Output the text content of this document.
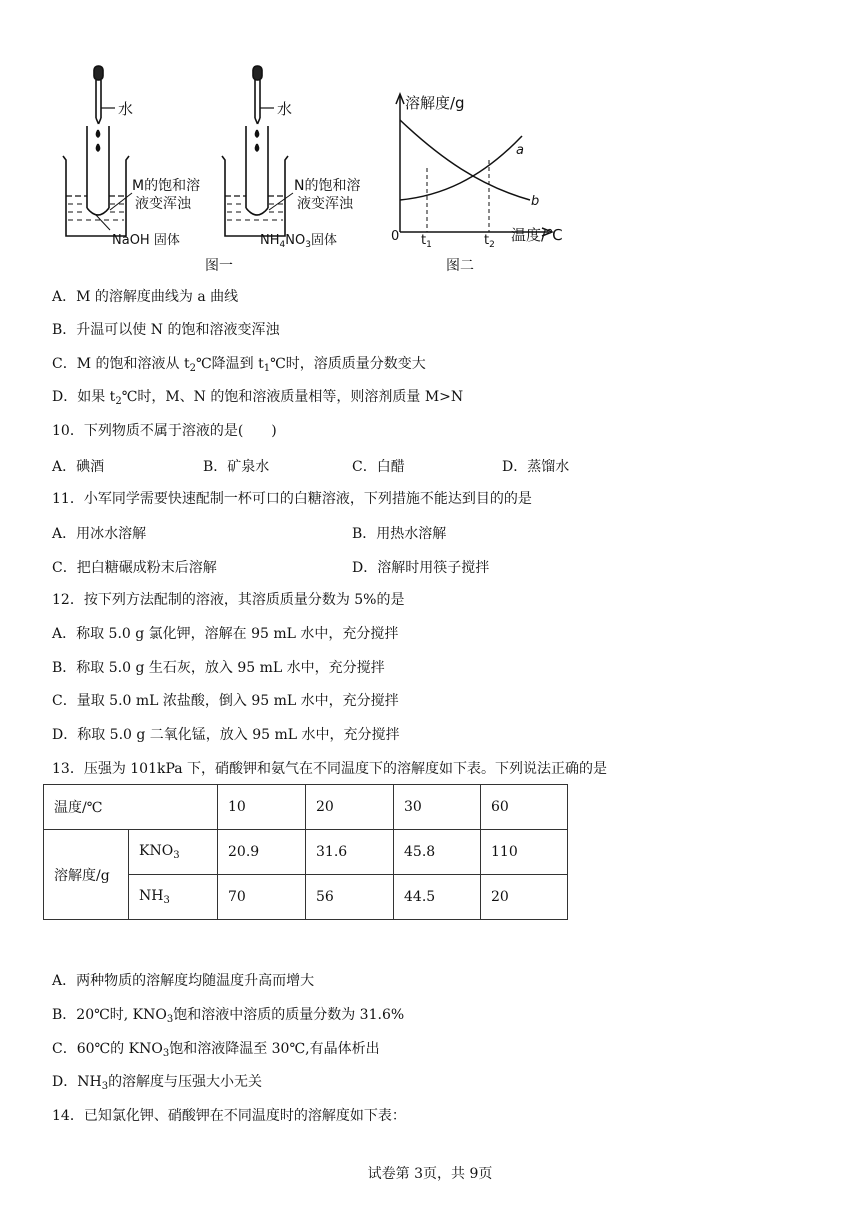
水
M的饱和溶
液变浑浊
NaOH 固体
水
N的饱和溶
液变浑浊
$NH_4NO_3$固体
图一
溶解度/g
温度/℃
0 $t_1$	$t_2$
a
b
图二
A．M 的溶解度曲线为 a 曲线
B．升温可以使 N 的饱和溶液变浑浊
C．M 的饱和溶液从 $t_2℃$降温到 $t_1℃$时，溶质质量分数变大
D．如果 $t_2℃$时，M、N 的饱和溶液质量相等，则溶剂质量 M>N
10．下列物质不属于溶液的是(　　)
A．碘酒	B．矿泉水	C．白醋	D．蒸馏水
11．小军同学需要快速配制一杯可口的白糖溶液，下列措施不能达到目的的是
A．用冰水溶解	B．用热水溶解
C．把白糖碾成粉末后溶解	D．溶解时用筷子搅拌
12．按下列方法配制的溶液，其溶质质量分数为 5%的是
A．称取 5.0 g 氯化钾，溶解在 95 mL 水中，充分搅拌
B．称取 5.0 g 生石灰，放入 95 mL 水中，充分搅拌
C．量取 5.0 mL 浓盐酸，倒入 95 mL 水中，充分搅拌
D．称取 5.0 g 二氧化锰，放入 95 mL 水中，充分搅拌
13．压强为 101kPa 下，硝酸钾和氨气在不同温度下的溶解度如下表。下列说法正确的是
温度/℃		10	20	30	60
溶解度/g	$KNO_3$	20.9	31.6	45.8	110
	$NH_3$	70	56	44.5	20
A．两种物质的溶解度均随温度升高而增大
B．20℃时, $KNO_3$饱和溶液中溶质的质量分数为 31.6%
C．60℃的 $KNO_3$饱和溶液降温至 30℃,有晶体析出
D．$NH_3$的溶解度与压强大小无关
14．已知氯化钾、硝酸钾在不同温度时的溶解度如下表：
试卷第 3页，共 9页
